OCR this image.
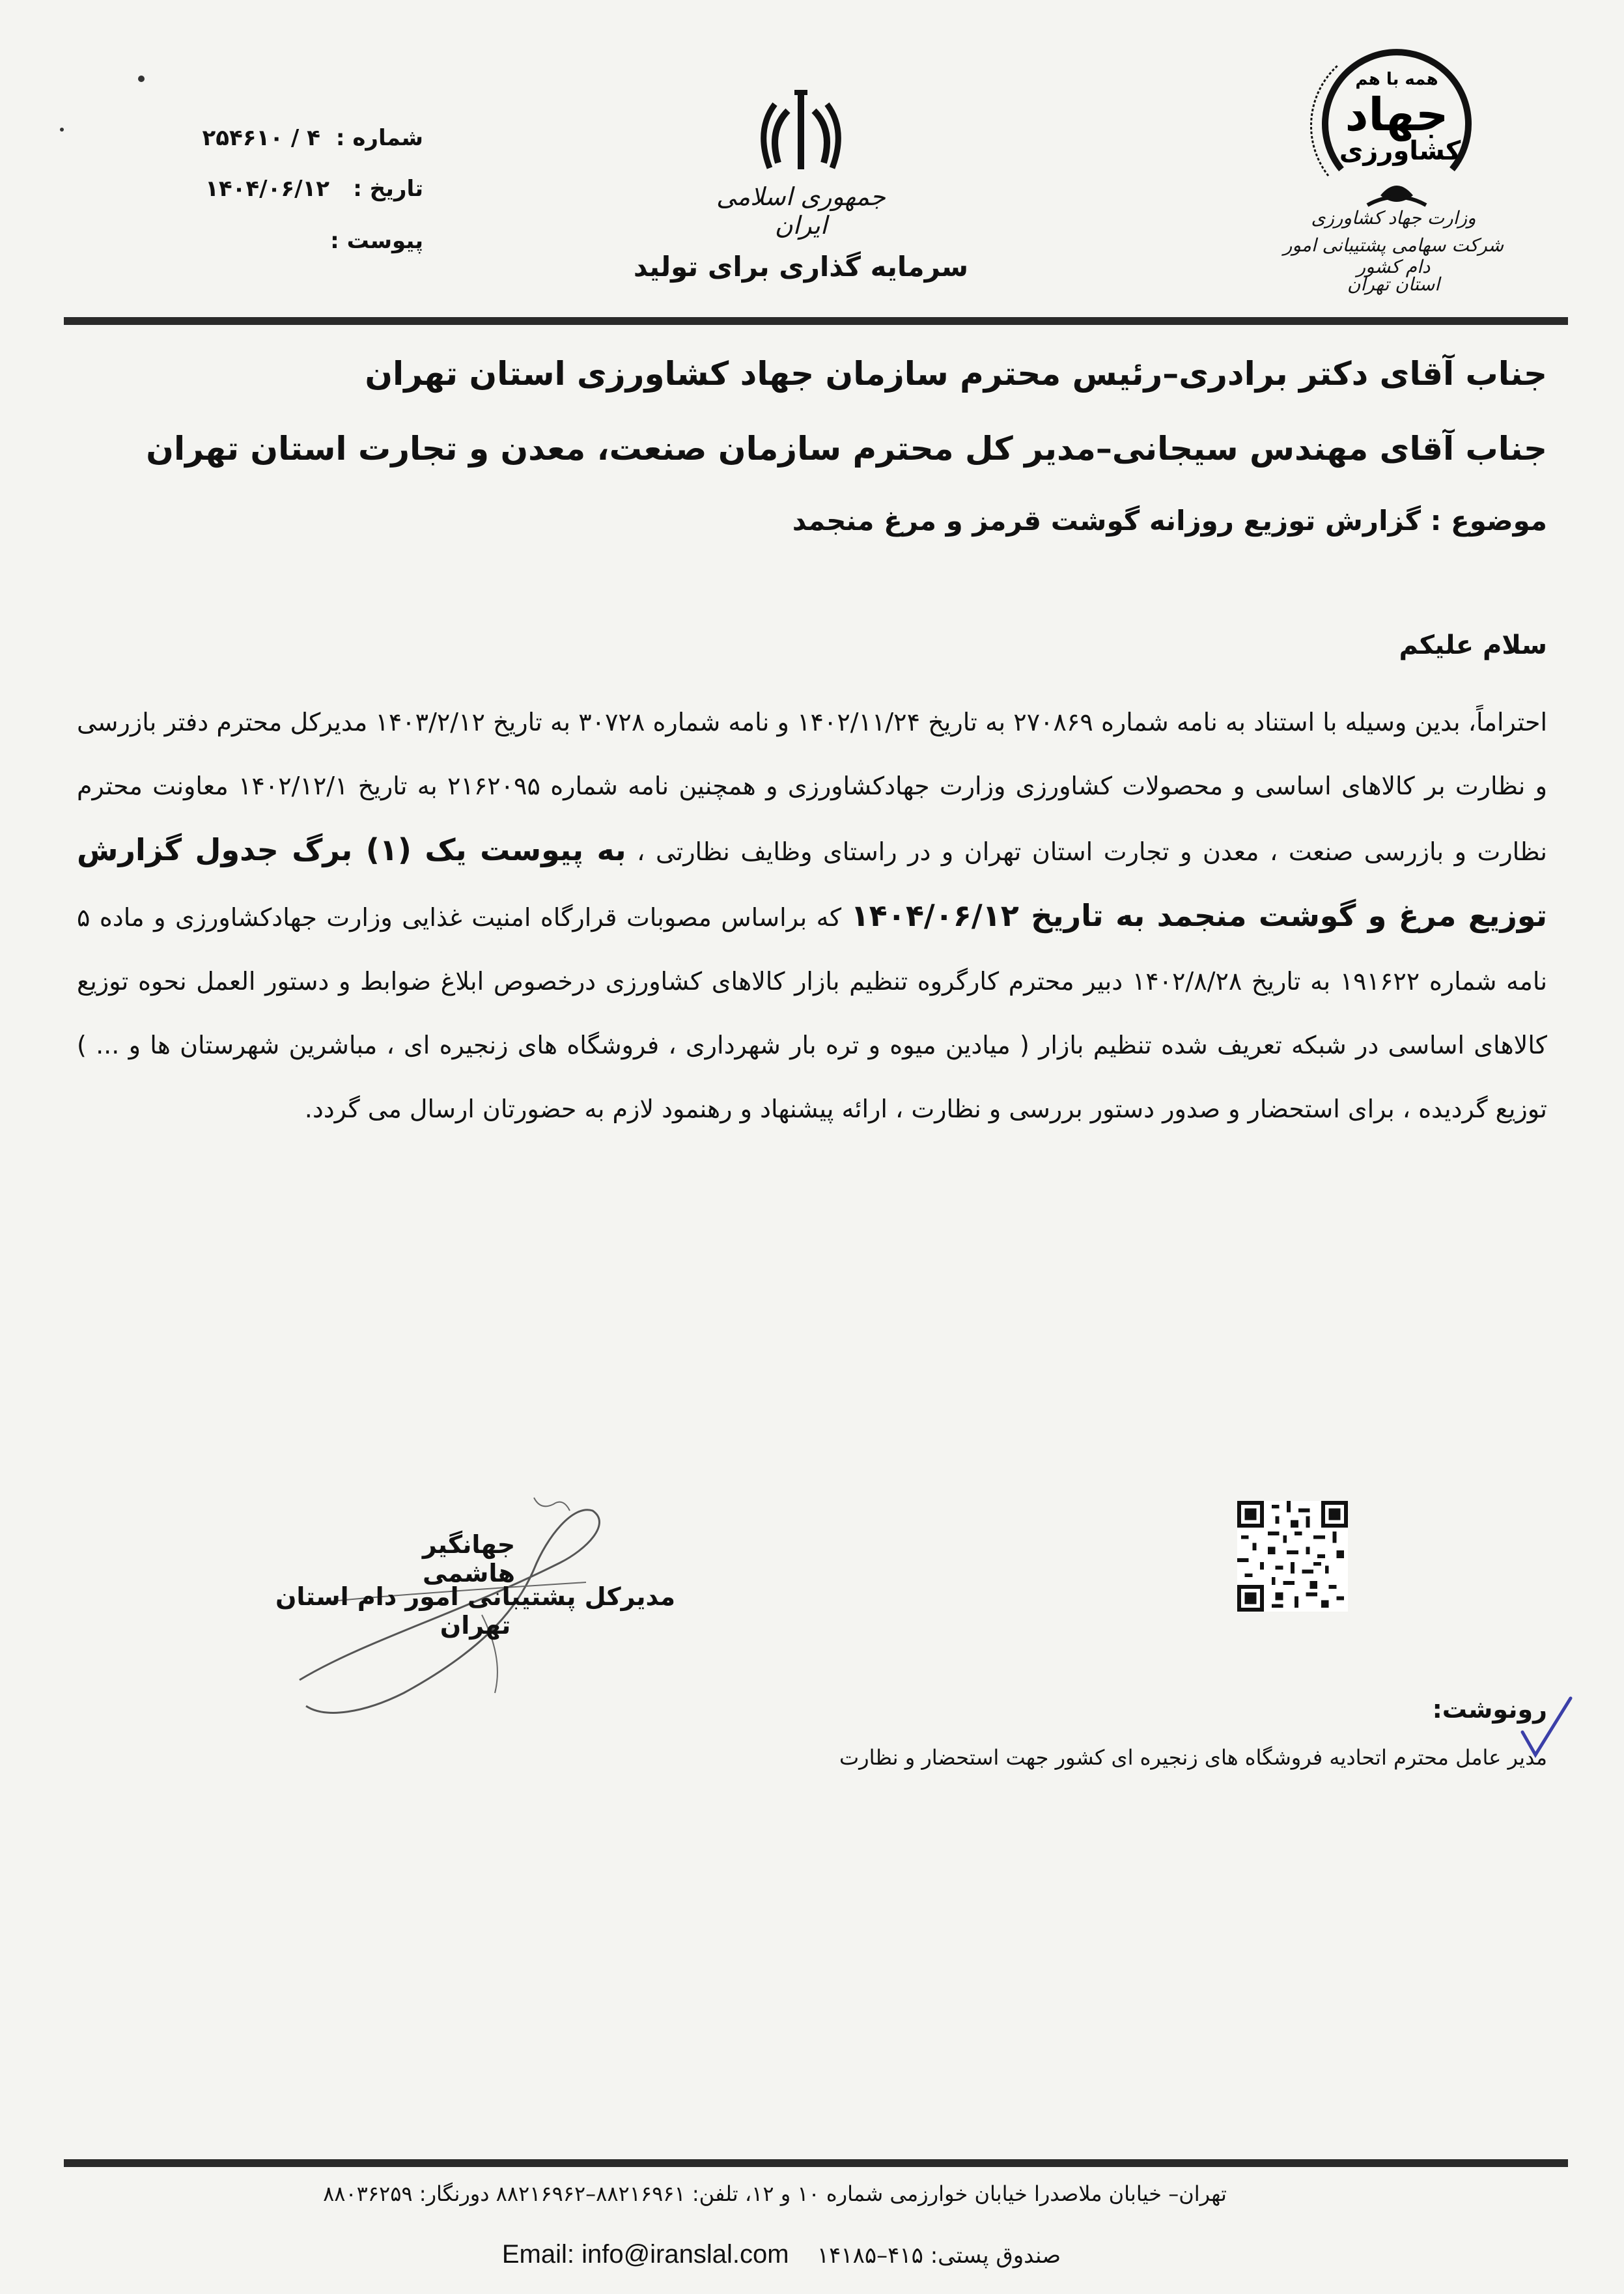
همه با هم
جهاد
کشاورزی
وزارت جهاد کشاورزی
شرکت سهامی پشتیبانی امور دام کشور
استان تهران
جمهوری اسلامی ایران
سرمایه گذاری برای تولید
شماره :
۴ / ۲۵۴۶۱۰
تاریخ :
۱۴۰۴/۰۶/۱۲
پیوست :
جناب آقای دکتر برادری–رئیس محترم سازمان جهاد کشاورزی استان تهران
جناب آقای مهندس سیجانی–مدیر کل محترم سازمان صنعت، معدن و تجارت استان تهران
موضوع : گزارش توزیع روزانه گوشت قرمز و مرغ منجمد
سلام علیکم
احتراماً، بدین وسیله با استناد به نامه شماره ۲۷۰۸۶۹ به تاریخ ۱۴۰۲/۱۱/۲۴ و نامه شماره ۳۰۷۲۸ به تاریخ ۱۴۰۳/۲/۱۲ مدیرکل محترم دفتر بازرسی و نظارت بر کالاهای اساسی و محصولات کشاورزی وزارت جهادکشاورزی و همچنین نامه شماره ۲۱۶۲۰۹۵ به تاریخ ۱۴۰۲/۱۲/۱ معاونت محترم نظارت و بازرسی صنعت ، معدن و تجارت استان تهران و در راستای وظایف نظارتی ، به پیوست یک (۱) برگ جدول گزارش توزیع مرغ و گوشت منجمد به تاریخ ۱۴۰۴/۰۶/۱۲ که براساس مصوبات قرارگاه امنیت غذایی وزارت جهادکشاورزی و ماده ۵ نامه شماره ۱۹۱۶۲۲ به تاریخ ۱۴۰۲/۸/۲۸ دبیر محترم کارگروه تنظیم بازار کالاهای کشاورزی درخصوص ابلاغ ضوابط و دستور العمل نحوه توزیع کالاهای اساسی در شبکه تعریف شده تنظیم بازار ( میادین میوه و تره بار شهرداری ، فروشگاه های زنجیره ای ، مباشرین شهرستان ها و ... ) توزیع گردیده ، برای استحضار و صدور دستور بررسی و نظارت ، ارائه پیشنهاد و رهنمود لازم به حضورتان ارسال می گردد.
جهانگیر هاشمی
مدیرکل پشتیبانی امور دام استان تهران
رونوشت:
مدیر عامل محترم اتحادیه فروشگاه های زنجیره ای کشور جهت استحضار و نظارت
تهران– خیابان ملاصدرا خیابان خوارزمی شماره ۱۰ و ۱۲، تلفن: ۸۸۲۱۶۹۶۱–۸۸۲۱۶۹۶۲ دورنگار: ۸۸۰۳۶۲۵۹
صندوق پستی: ۴۱۵–۱۴۱۸۵    Email: info@iranslal.com
